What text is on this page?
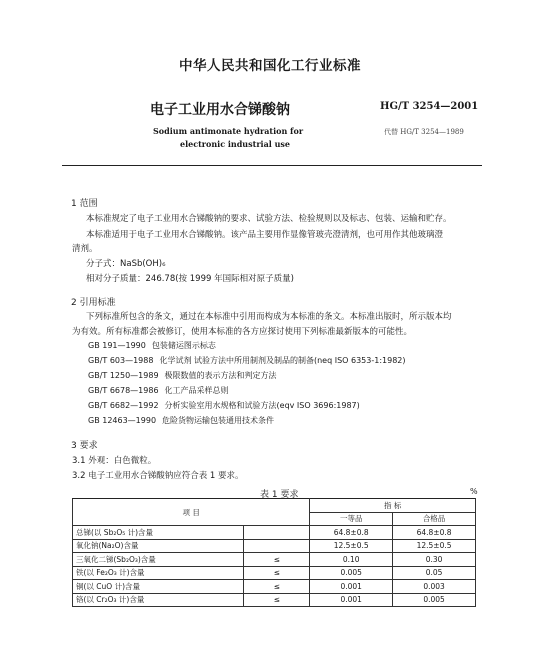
中华人民共和国化工行业标准
电子工业用水合锑酸钠	HG/T 3254—2001
Sodium antimonate hydration for
electronic industrial use
代替 HG/T 3254—1989
1 范围
本标准规定了电子工业用水合锑酸钠的要求、试验方法、检验规则以及标志、包装、运输和贮存。
本标准适用于电子工业用水合锑酸钠。该产品主要用作显像管玻壳澄清剂，也可用作其他玻璃澄
清剂。
分子式：NaSb(OH)₆
相对分子质量：246.78(按 1999 年国际相对原子质量)
2 引用标准
下列标准所包含的条文，通过在本标准中引用而构成为本标准的条文。本标准出版时，所示版本均
为有效。所有标准都会被修订，使用本标准的各方应探讨使用下列标准最新版本的可能性。
GB 191—1990 包装储运图示标志
GB/T 603—1988 化学试剂 试验方法中所用制剂及制品的制备(neq ISO 6353-1:1982)
GB/T 1250—1989 极限数值的表示方法和判定方法
GB/T 6678—1986 化工产品采样总则
GB/T 6682—1992 分析实验室用水规格和试验方法(eqv ISO 3696:1987)
GB 12463—1990 危险货物运输包装通用技术条件
3 要求
3.1 外观：白色微粒。
3.2 电子工业用水合锑酸钠应符合表 1 要求。
表 1 要求	%
项 目		指 标	
		一等品	合格品
总锑(以 Sb₂O₅ 计)含量		64.8±0.8	64.8±0.8
氧化钠(Na₂O)含量		12.5±0.5	12.5±0.5
三氧化二锑(Sb₂O₃)含量	≤	0.10	0.30
铁(以 Fe₂O₃ 计)含量	≤	0.005	0.05
铜(以 CuO 计)含量	≤	0.001	0.003
铬(以 Cr₂O₃ 计)含量	≤	0.001	0.005
